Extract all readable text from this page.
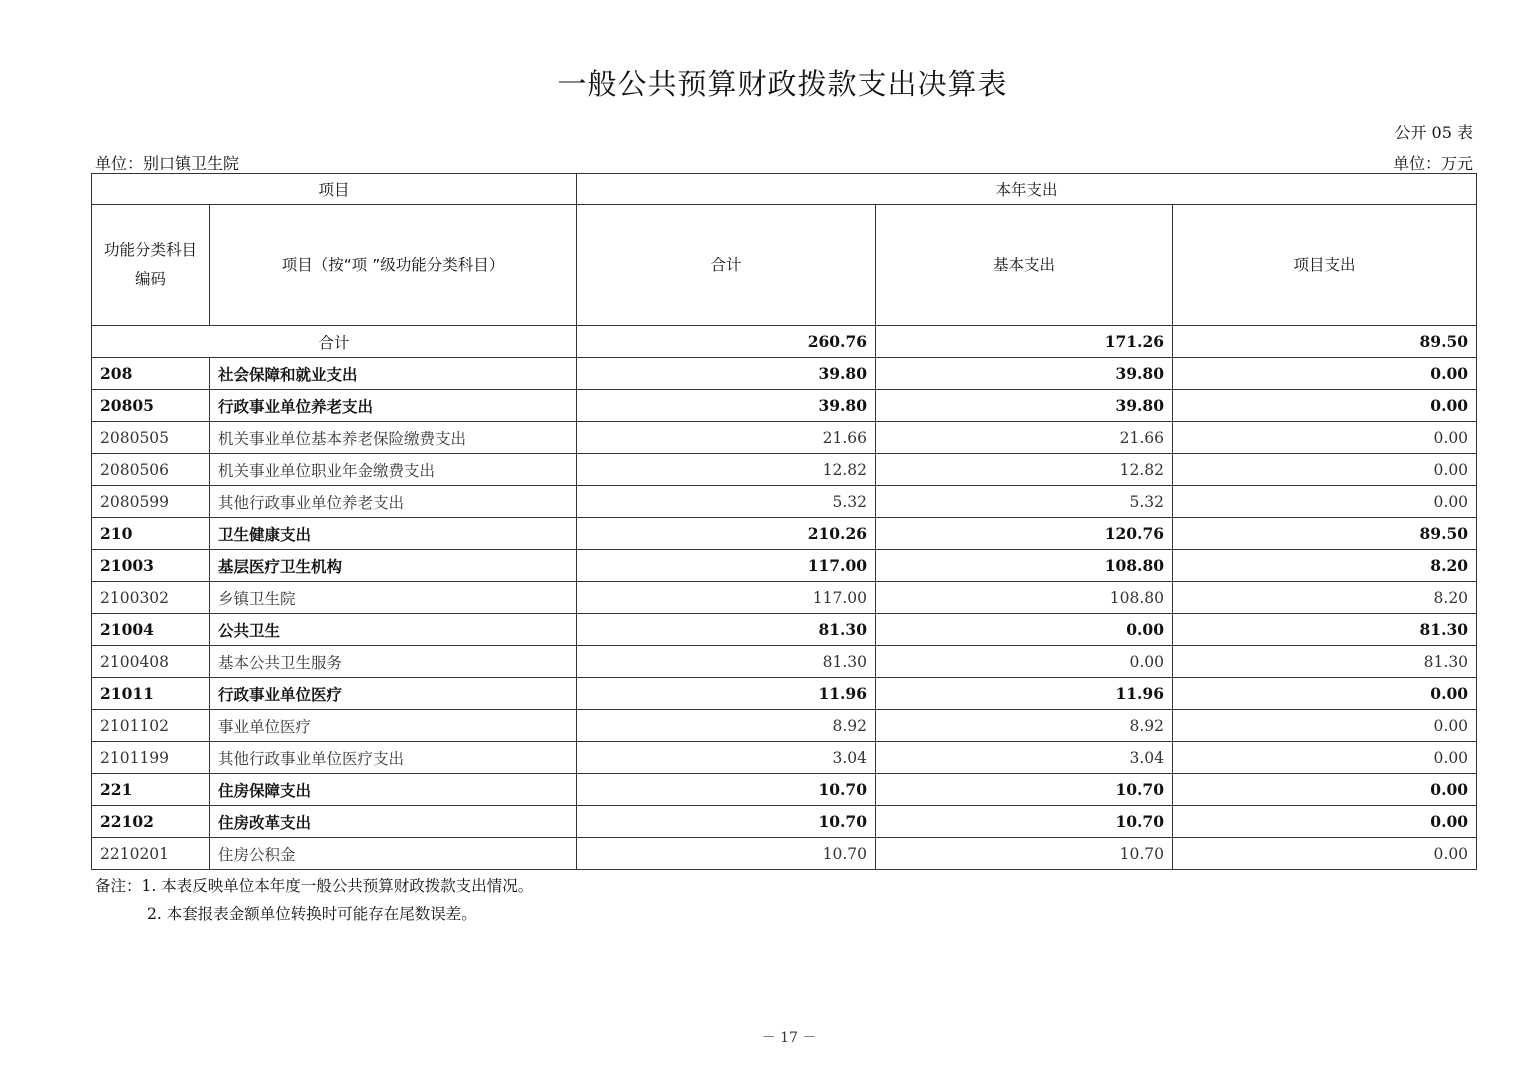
一般公共预算财政拨款支出决算表
公开 05 表
单位：别口镇卫生院	单位：万元
项目		本年支出		
功能分类科目编码	项目（按“项 ”级功能分类科目）	合计	基本支出	项目支出
合计		260.76	171.26	89.50
208	社会保障和就业支出	39.80	39.80	0.00
20805	行政事业单位养老支出	39.80	39.80	0.00
2080505	机关事业单位基本养老保险缴费支出	21.66	21.66	0.00
2080506	机关事业单位职业年金缴费支出	12.82	12.82	0.00
2080599	其他行政事业单位养老支出	5.32	5.32	0.00
210	卫生健康支出	210.26	120.76	89.50
21003	基层医疗卫生机构	117.00	108.80	8.20
2100302	乡镇卫生院	117.00	108.80	8.20
21004	公共卫生	81.30	0.00	81.30
2100408	基本公共卫生服务	81.30	0.00	81.30
21011	行政事业单位医疗	11.96	11.96	0.00
2101102	事业单位医疗	8.92	8.92	0.00
2101199	其他行政事业单位医疗支出	3.04	3.04	0.00
221	住房保障支出	10.70	10.70	0.00
22102	住房改革支出	10.70	10.70	0.00
2210201	住房公积金	10.70	10.70	0.00
备注：1. 本表反映单位本年度一般公共预算财政拨款支出情况。
2. 本套报表金额单位转换时可能存在尾数误差。
－ 17 －
